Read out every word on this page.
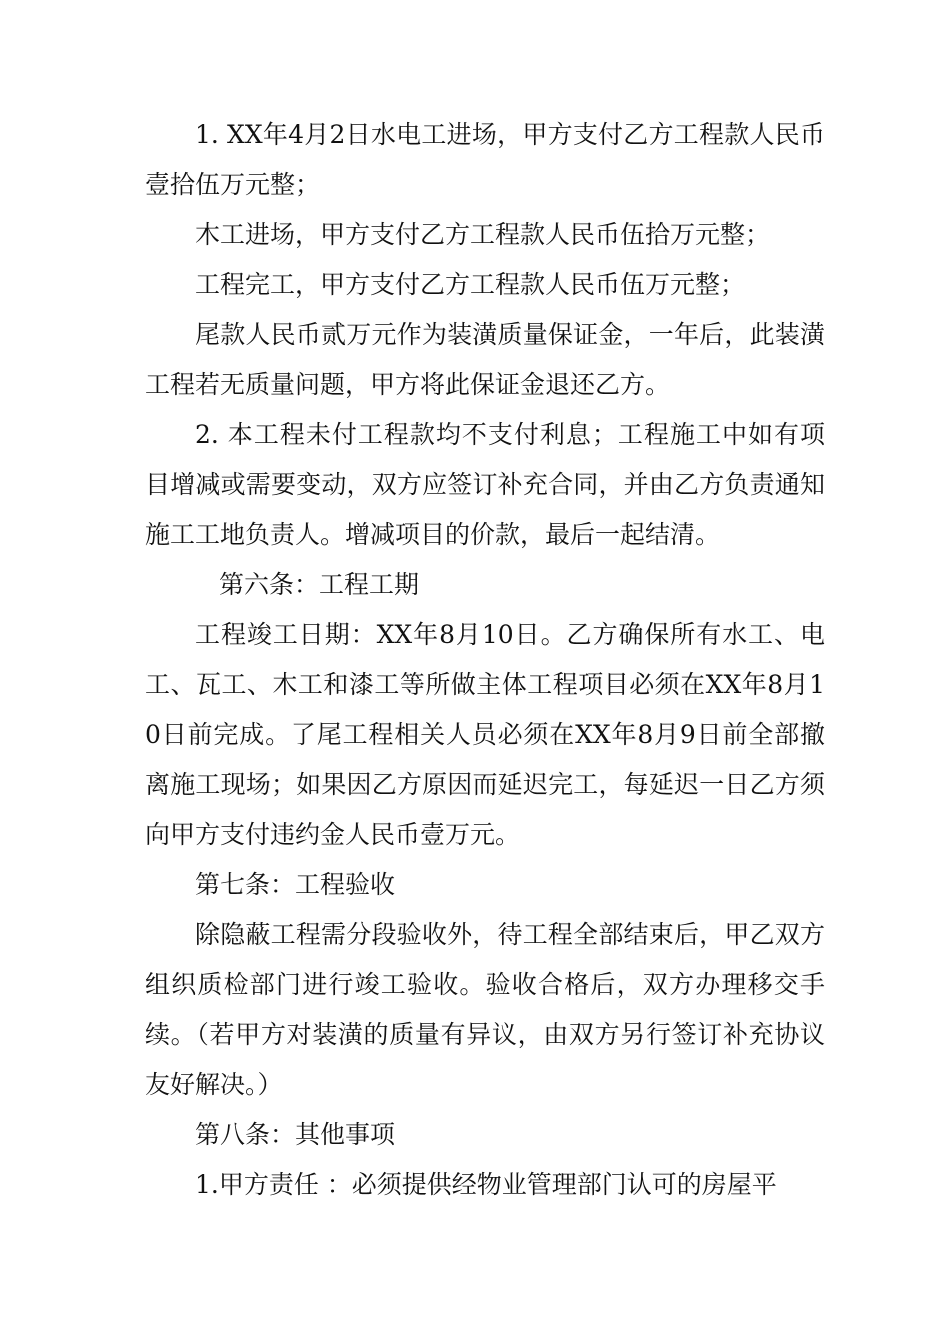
1. XX年4月2日水电工进场，甲方支付乙方工程款人民币壹拾伍万元整；

木工进场，甲方支付乙方工程款人民币伍拾万元整；

工程完工，甲方支付乙方工程款人民币伍万元整；

尾款人民币贰万元作为装潢质量保证金，一年后，此装潢工程若无质量问题，甲方将此保证金退还乙方。

2. 本工程未付工程款均不支付利息；工程施工中如有项目增减或需要变动，双方应签订补充合同，并由乙方负责通知施工工地负责人。增减项目的价款，最后一起结清。

第六条：工程工期

工程竣工日期：XX年8月10日。乙方确保所有水工、电工、瓦工、木工和漆工等所做主体工程项目必须在XX年8月10日前完成。了尾工程相关人员必须在XX年8月9日前全部撤离施工现场；如果因乙方原因而延迟完工，每延迟一日乙方须向甲方支付违约金人民币壹万元。

第七条：工程验收

除隐蔽工程需分段验收外，待工程全部结束后，甲乙双方组织质检部门进行竣工验收。验收合格后，双方办理移交手续。（若甲方对装潢的质量有异议，由双方另行签订补充协议友好解决。）

第八条：其他事项

1.甲方责任 ：必须提供经物业管理部门认可的房屋平
